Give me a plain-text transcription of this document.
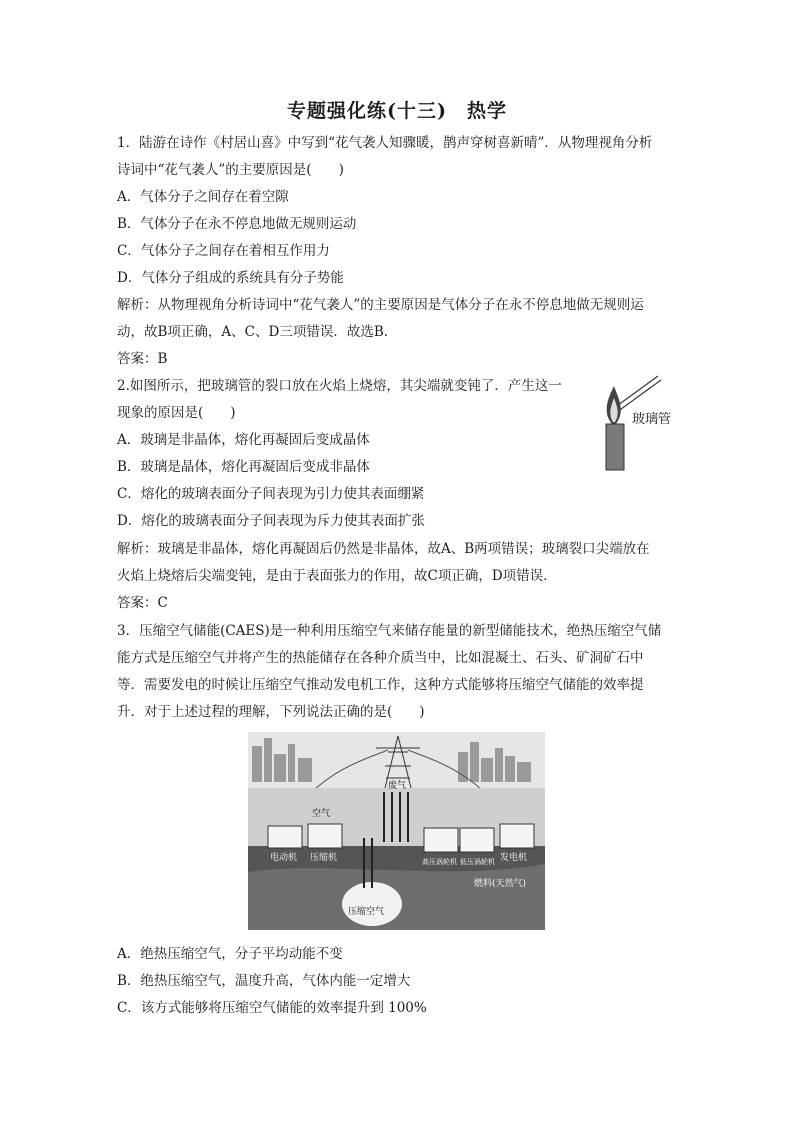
专题强化练(十三)　热学
1．陆游在诗作《村居山喜》中写到“花气袭人知骤暖，鹊声穿树喜新晴”．从物理视角分析
诗词中“花气袭人”的主要原因是(　　)
A．气体分子之间存在着空隙
B．气体分子在永不停息地做无规则运动
C．气体分子之间存在着相互作用力
D．气体分子组成的系统具有分子势能
解析：从物理视角分析诗词中“花气袭人”的主要原因是气体分子在永不停息地做无规则运
动，故B项正确，A、C、D三项错误．故选B.
答案：B
2.如图所示，把玻璃管的裂口放在火焰上烧熔，其尖端就变钝了．产生这一
现象的原因是(　　)	玻璃管
A．玻璃是非晶体，熔化再凝固后变成晶体
B．玻璃是晶体，熔化再凝固后变成非晶体
C．熔化的玻璃表面分子间表现为引力使其表面绷紧
D．熔化的玻璃表面分子间表现为斥力使其表面扩张
解析：玻璃是非晶体，熔化再凝固后仍然是非晶体，故A、B两项错误；玻璃裂口尖端放在
火焰上烧熔后尖端变钝，是由于表面张力的作用，故C项正确，D项错误．
答案：C
3．压缩空气储能(CAES)是一种利用压缩空气来储存能量的新型储能技术，绝热压缩空气储
能方式是压缩空气并将产生的热能储存在各种介质当中，比如混凝土、石头、矿洞矿石中
等．需要发电的时候让压缩空气推动发电机工作，这种方式能够将压缩空气储能的效率提
升．对于上述过程的理解，下列说法正确的是(　　)
废气
空气
电动机 压缩机	高压涡轮机 低压涡轮机 发电机
燃料(天然气)
压缩空气
A．绝热压缩空气，分子平均动能不变
B．绝热压缩空气，温度升高，气体内能一定增大
C．该方式能够将压缩空气储能的效率提升到 100%
